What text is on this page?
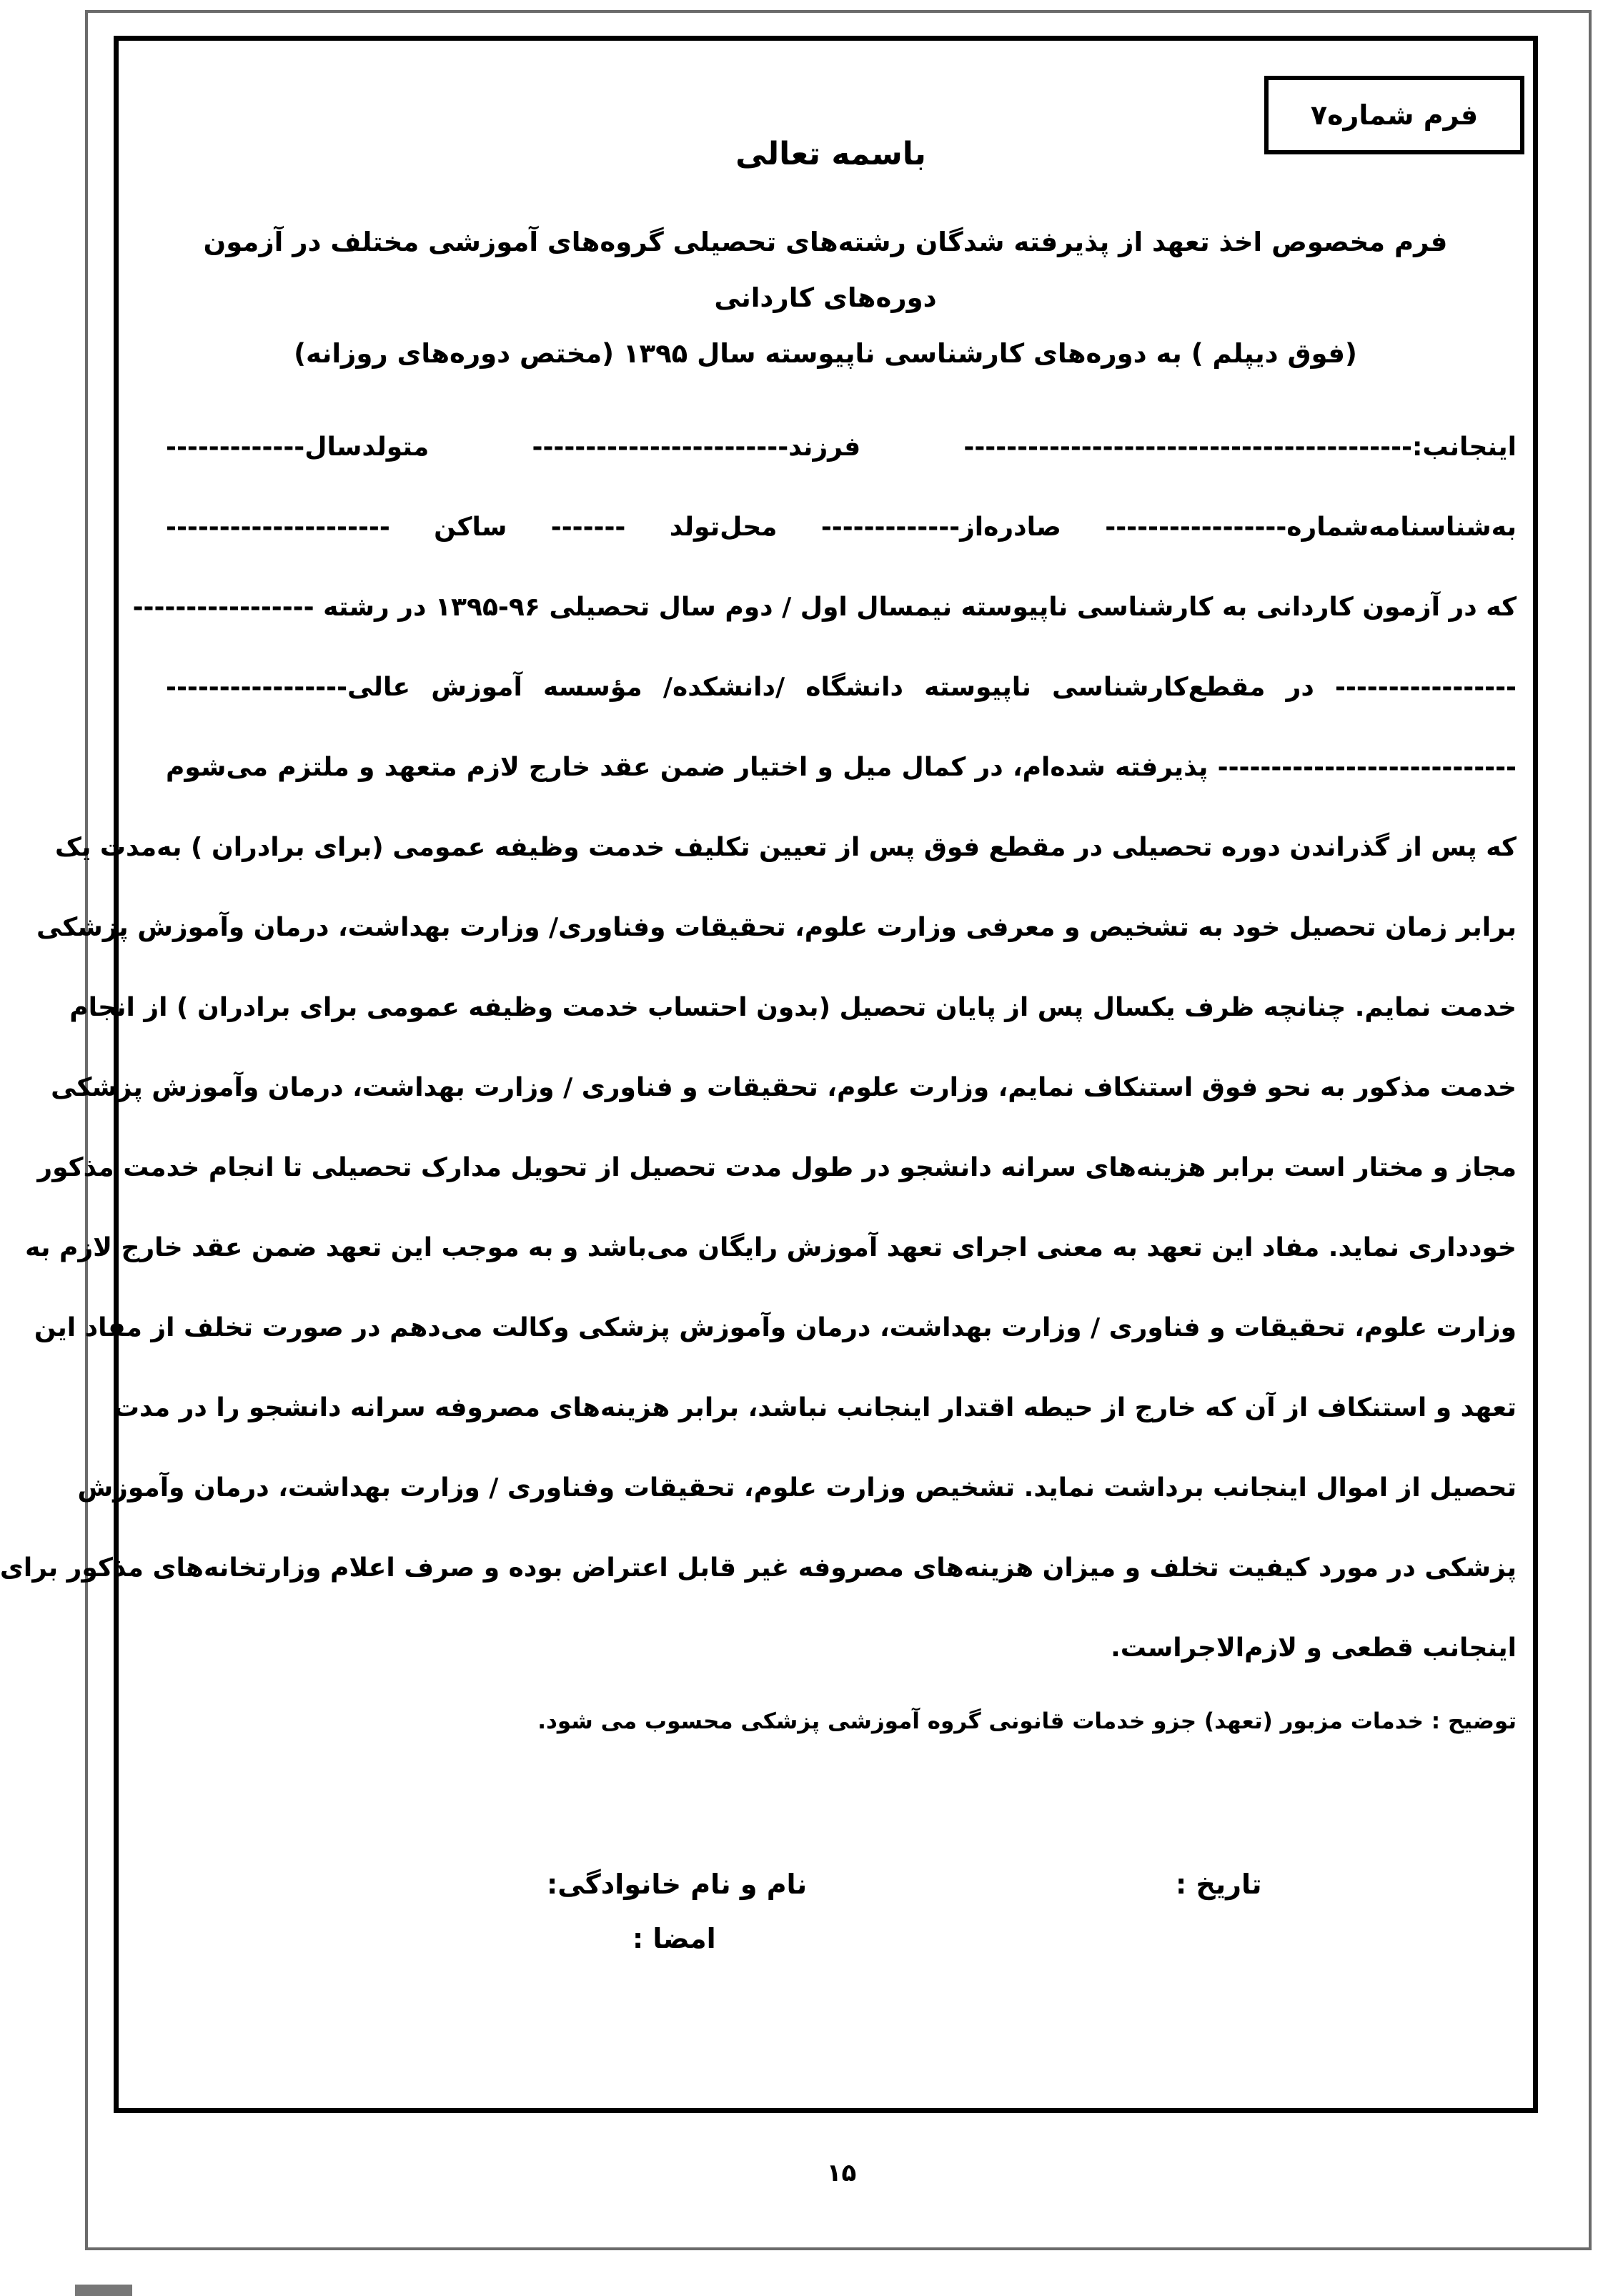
فرم شماره۷
باسمه تعالی
فرم مخصوص اخذ تعهد از پذیرفته شدگان رشته‌های تحصیلی گروه‌های آموزشی مختلف در آزمون دوره‌های کاردانی
(فوق دیپلم ) به دوره‌های کارشناسی ناپیوسته سال ۱۳۹۵ (مختص دوره‌های روزانه)
اینجانب:------------------------------------------ فرزند------------------------ متولدسال-------------
به‌شناسنامه‌شماره----------------- صادره‌از------------- محل‌تولد ------- ساکن ---------------------
که در آزمون کاردانی به کارشناسی ناپیوسته نیمسال اول / دوم سال تحصیلی ۹۶-۱۳۹۵ در رشته -----------------
----------------- در مقطع‌کارشناسی ناپیوسته دانشگاه /دانشکده/ مؤسسه آموزش عالی-----------------
---------------------------- پذیرفته شده‌ام، در کمال میل و اختیار ضمن عقد خارج لازم متعهد و ملتزم می‌شوم
که پس از گذراندن دوره تحصیلی در مقطع فوق پس از تعیین تکلیف خدمت وظیفه عمومی (برای برادران ) به‌مدت یک
برابر زمان تحصیل خود به تشخیص و معرفی وزارت علوم، تحقیقات وفناوری/ وزارت بهداشت، درمان وآموزش پزشکی
خدمت نمایم. چنانچه ظرف یکسال پس از پایان تحصیل (بدون احتساب خدمت وظیفه عمومی برای برادران ) از انجام
خدمت مذکور به نحو فوق استنکاف نمایم، وزارت علوم، تحقیقات و فناوری / وزارت بهداشت، درمان وآموزش پزشکی
مجاز و مختار است برابر هزینه‌های سرانه دانشجو در طول مدت تحصیل از تحویل مدارک تحصیلی تا انجام خدمت مذکور
خودداری نماید. مفاد این تعهد به معنی اجرای تعهد آموزش رایگان می‌باشد و به موجب این تعهد ضمن عقد خارج لازم به
وزارت علوم، تحقیقات و فناوری / وزارت بهداشت، درمان وآموزش پزشکی وکالت می‌دهم در صورت تخلف از مفاد این
تعهد و استنکاف از آن که خارج از حیطه اقتدار اینجانب نباشد، برابر هزینه‌های مصروفه سرانه دانشجو را در مدت
تحصیل از اموال اینجانب برداشت نماید. تشخیص وزارت علوم، تحقیقات وفناوری / وزارت بهداشت، درمان وآموزش
پزشکی در مورد کیفیت تخلف و میزان هزینه‌های مصروفه غیر قابل اعتراض بوده و صرف اعلام وزارتخانه‌های مذکور برای
اینجانب قطعی و لازم‌الاجراست.
توضیح : خدمات مزبور (تعهد) جزو خدمات قانونی گروه آموزشی پزشکی محسوب می شود.
تاریخ :
نام و نام خانوادگی:
امضا :
۱۵
